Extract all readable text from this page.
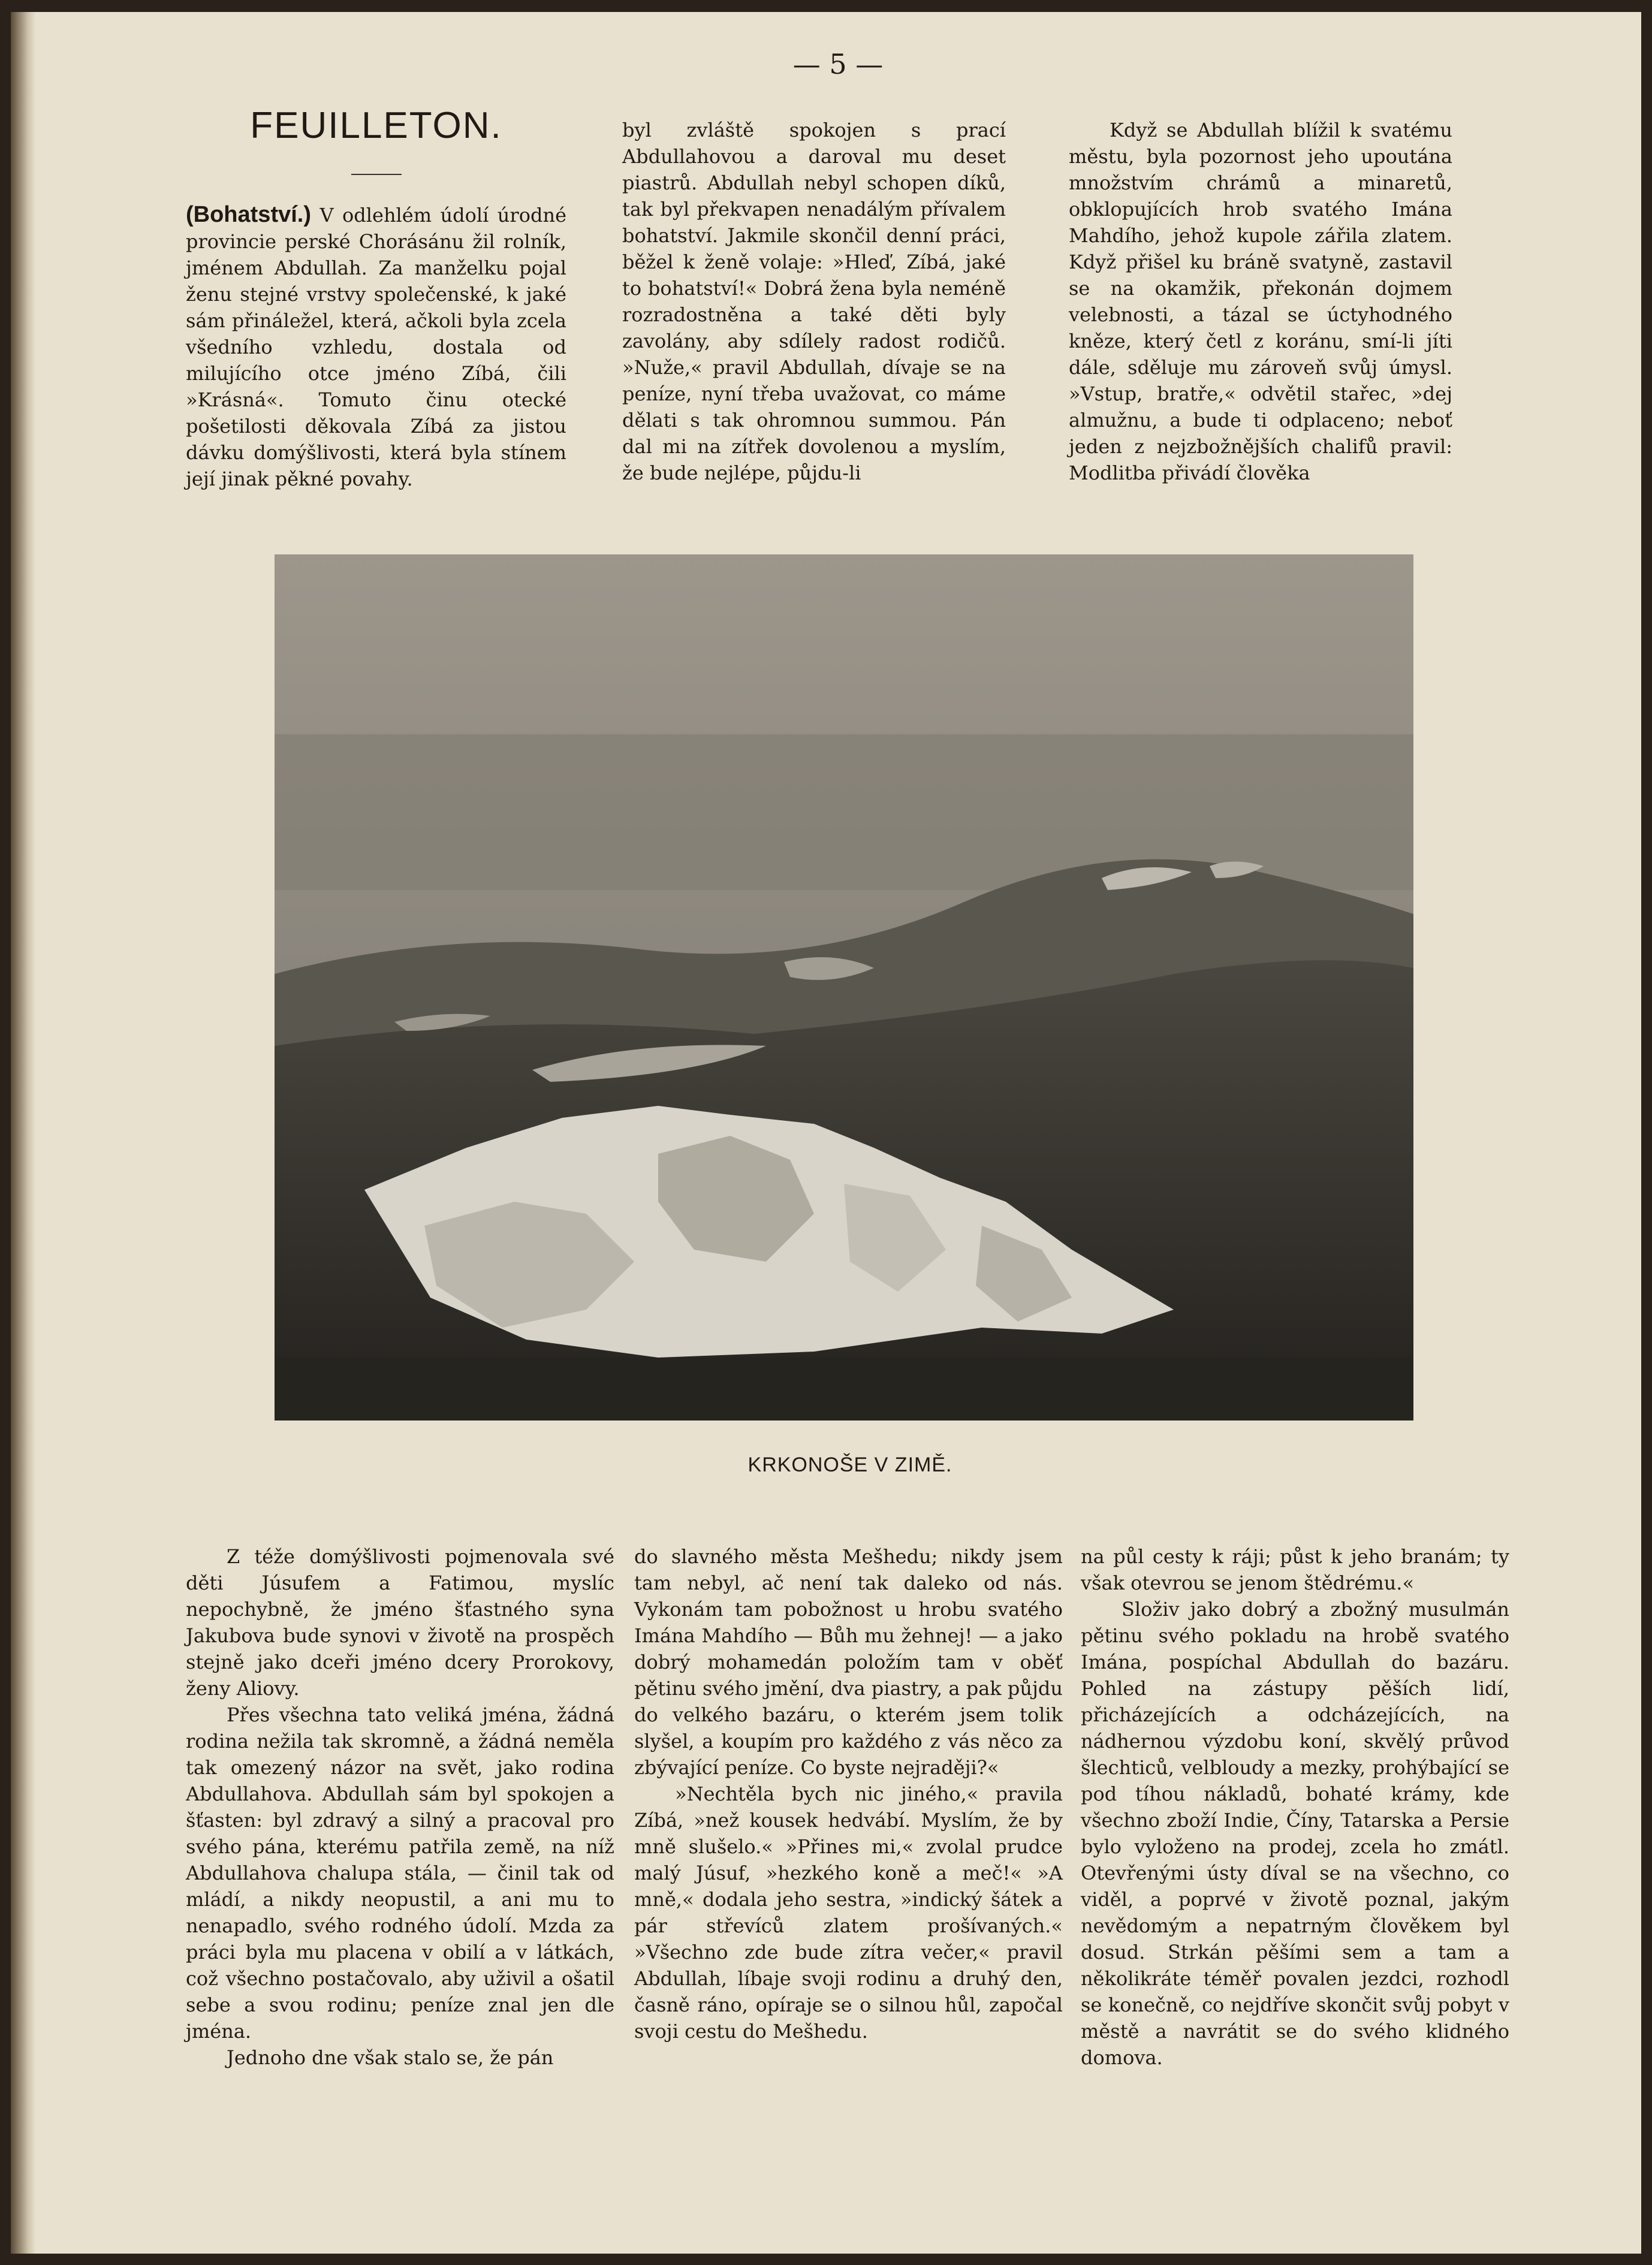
— 5 —
FEUILLETON.

(Bohatství.) V odlehlém údolí úrodné provincie perské Chorásánu žil rolník, jménem Abdullah. Za manželku pojal ženu stejné vrstvy společenské, k jaké sám přináležel, která, ačkoli byla zcela všedního vzhledu, dostala od milujícího otce jméno Zíbá, čili »Krásná«. Tomuto činu otecké pošetilosti děkovala Zíbá za jistou dávku domýšlivosti, která byla stínem její jinak pěkné povahy.

byl zvláště spokojen s prací Abdullahovou a daroval mu deset piastrů. Abdullah nebyl schopen díků, tak byl překvapen nenadálým přívalem bohatství. Jakmile skončil denní práci, běžel k ženě volaje: »Hleď, Zíbá, jaké to bohatství!« Dobrá žena byla neméně rozradostněna a také děti byly zavolány, aby sdílely radost rodičů. »Nuže,« pravil Abdullah, dívaje se na peníze, nyní třeba uvažovat, co máme dělati s tak ohromnou summou. Pán dal mi na zítřek dovolenou a myslím, že bude nejlépe, půjdu-li

Když se Abdullah blížil k svatému městu, byla pozornost jeho upoutána množstvím chrámů a minaretů, obklopujících hrob svatého Imána Mahdího, jehož kupole zářila zlatem. Když přišel ku bráně svatyně, zastavil se na okamžik, překonán dojmem velebnosti, a tázal se úctyhodného kněze, který četl z koránu, smí-li jíti dále, sděluje mu zároveň svůj úmysl. »Vstup, bratře,« odvětil stařec, »dej almužnu, a bude ti odplaceno; neboť jeden z nejzbožnějších chalifů pravil: Modlitba přivádí člověka

KRKONOŠE V ZIMĚ.

Z téže domýšlivosti pojmenovala své děti Júsufem a Fatimou, myslíc nepochybně, že jméno šťastného syna Jakubova bude synovi v životě na prospěch stejně jako dceři jméno dcery Prorokovy, ženy Aliovy.

Přes všechna tato veliká jména, žádná rodina nežila tak skromně, a žádná neměla tak omezený názor na svět, jako rodina Abdullahova. Abdullah sám byl spokojen a šťasten: byl zdravý a silný a pracoval pro svého pána, kterému patřila země, na níž Abdullahova chalupa stála, — činil tak od mládí, a nikdy neopustil, a ani mu to nenapadlo, svého rodného údolí. Mzda za práci byla mu placena v obilí a v látkách, což všechno postačovalo, aby uživil a ošatil sebe a svou rodinu; peníze znal jen dle jména.

Jednoho dne však stalo se, že pán

do slavného města Mešhedu; nikdy jsem tam nebyl, ač není tak daleko od nás. Vykonám tam pobožnost u hrobu svatého Imána Mahdího — Bůh mu žehnej! — a jako dobrý mohamedán položím tam v oběť pětinu svého jmění, dva piastry, a pak půjdu do velkého bazáru, o kterém jsem tolik slyšel, a koupím pro každého z vás něco za zbývající peníze. Co byste nejraději?«

»Nechtěla bych nic jiného,« pravila Zíbá, »než kousek hedvábí. Myslím, že by mně slušelo.« »Přines mi,« zvolal prudce malý Júsuf, »hezkého koně a meč!« »A mně,« dodala jeho sestra, »indický šátek a pár střevíců zlatem prošívaných.« »Všechno zde bude zítra večer,« pravil Abdullah, líbaje svoji rodinu a druhý den, časně ráno, opíraje se o silnou hůl, započal svoji cestu do Mešhedu.

na půl cesty k ráji; půst k jeho branám; ty však otevrou se jenom štědrému.«

Složiv jako dobrý a zbožný musulmán pětinu svého pokladu na hrobě svatého Imána, pospíchal Abdullah do bazáru. Pohled na zástupy pěších lidí, přicházejících a odcházejících, na nádhernou výzdobu koní, skvělý průvod šlechticů, velbloudy a mezky, prohýbající se pod tíhou nákladů, bohaté krámy, kde všechno zboží Indie, Číny, Tatarska a Persie bylo vyloženo na prodej, zcela ho zmátl. Otevřenými ústy díval se na všechno, co viděl, a poprvé v životě poznal, jakým nevědomým a nepatrným člověkem byl dosud. Strkán pěšími sem a tam a několikráte téměř povalen jezdci, rozhodl se konečně, co nejdříve skončit svůj pobyt v městě a navrátit se do svého klidného domova.
